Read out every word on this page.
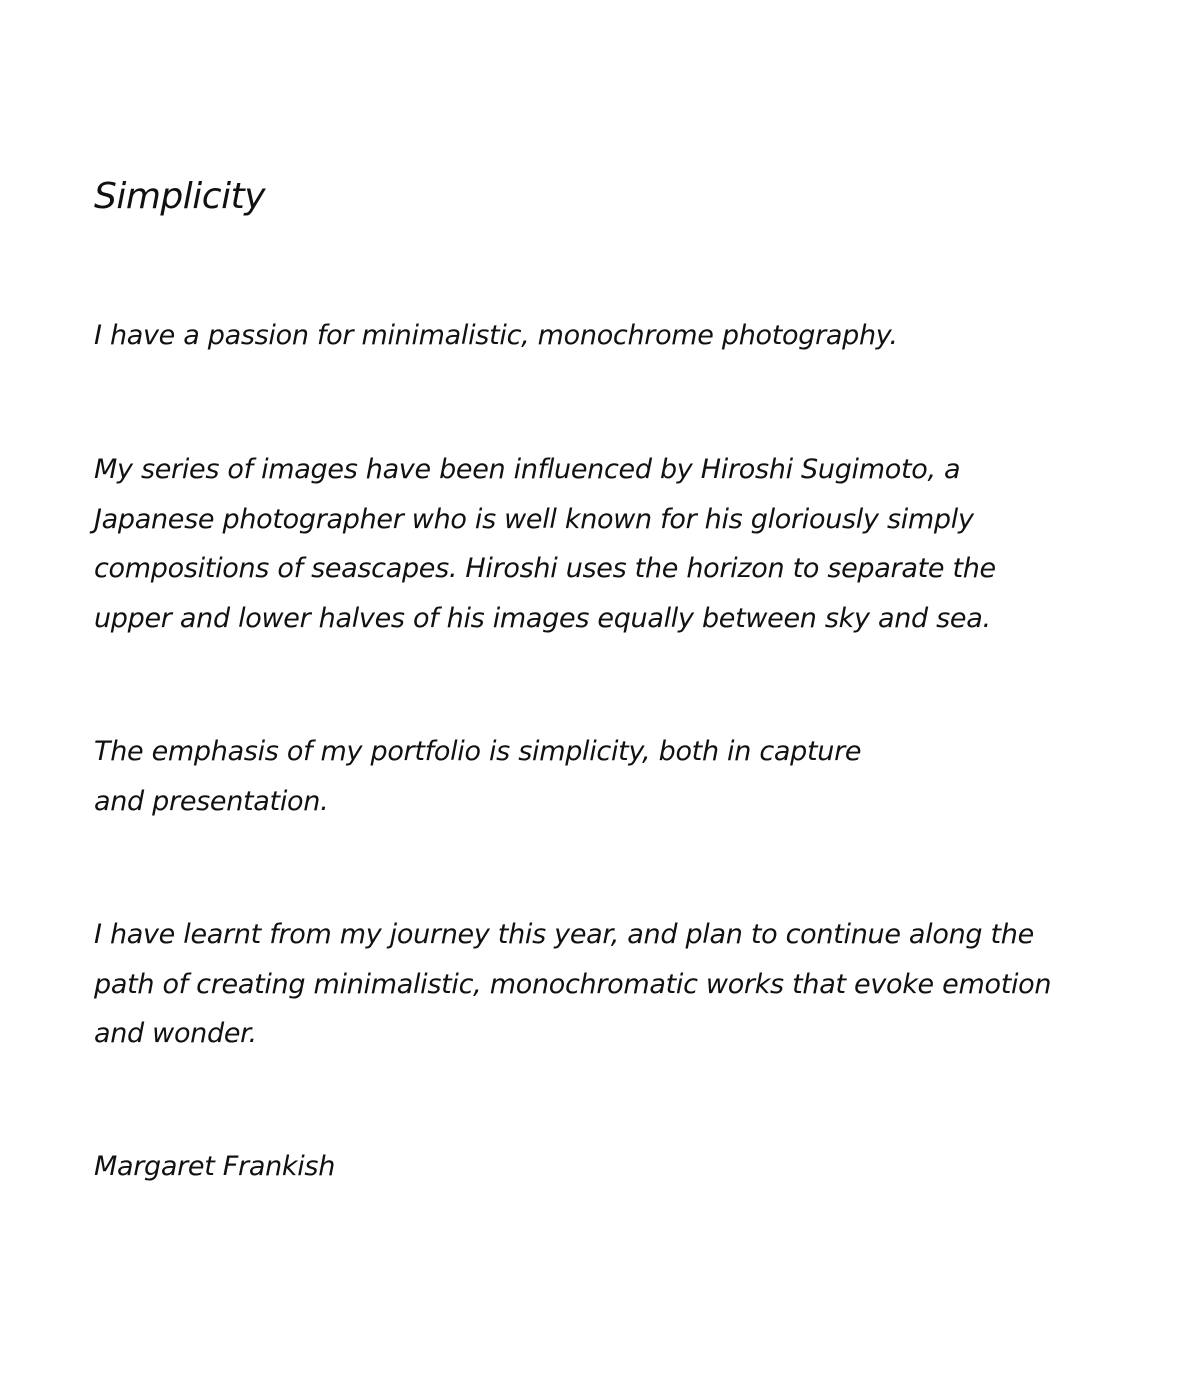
Simplicity

I have a passion for minimalistic, monochrome photography.

My series of images have been influenced by Hiroshi Sugimoto, a
Japanese photographer who is well known for his gloriously simply
compositions of seascapes. Hiroshi uses the horizon to separate the
upper and lower halves of his images equally between sky and sea.

The emphasis of my portfolio is simplicity, both in capture
and presentation.

I have learnt from my journey this year, and plan to continue along the
path of creating minimalistic, monochromatic works that evoke emotion
and wonder.

Margaret Frankish
